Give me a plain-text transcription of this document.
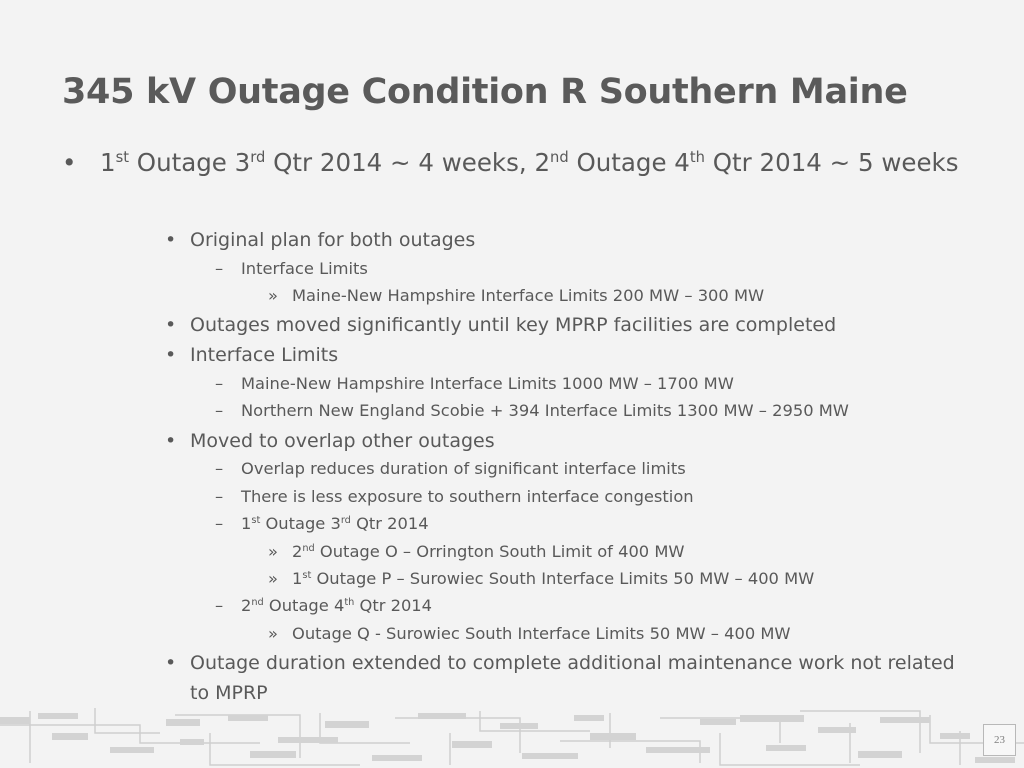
345 kV Outage Condition R Southern Maine
• 1st Outage 3rd Qtr 2014 ~ 4 weeks, 2nd Outage 4th Qtr 2014 ~ 5 weeks
• Original plan for both outages
– Interface Limits
» Maine-New Hampshire Interface Limits 200 MW – 300 MW
• Outages moved significantly until key MPRP facilities are completed
• Interface Limits
– Maine-New Hampshire Interface Limits 1000 MW – 1700 MW
– Northern New England Scobie + 394 Interface Limits 1300 MW – 2950 MW
• Moved to overlap other outages
– Overlap reduces duration of significant interface limits
– There is less exposure to southern interface congestion
– 1st Outage 3rd Qtr 2014
» 2nd Outage O – Orrington South Limit of 400 MW
» 1st Outage P – Surowiec South Interface Limits 50 MW – 400 MW
– 2nd Outage 4th Qtr 2014
» Outage Q - Surowiec South Interface Limits 50 MW – 400 MW
• Outage duration extended to complete additional maintenance work not related to MPRP
23
